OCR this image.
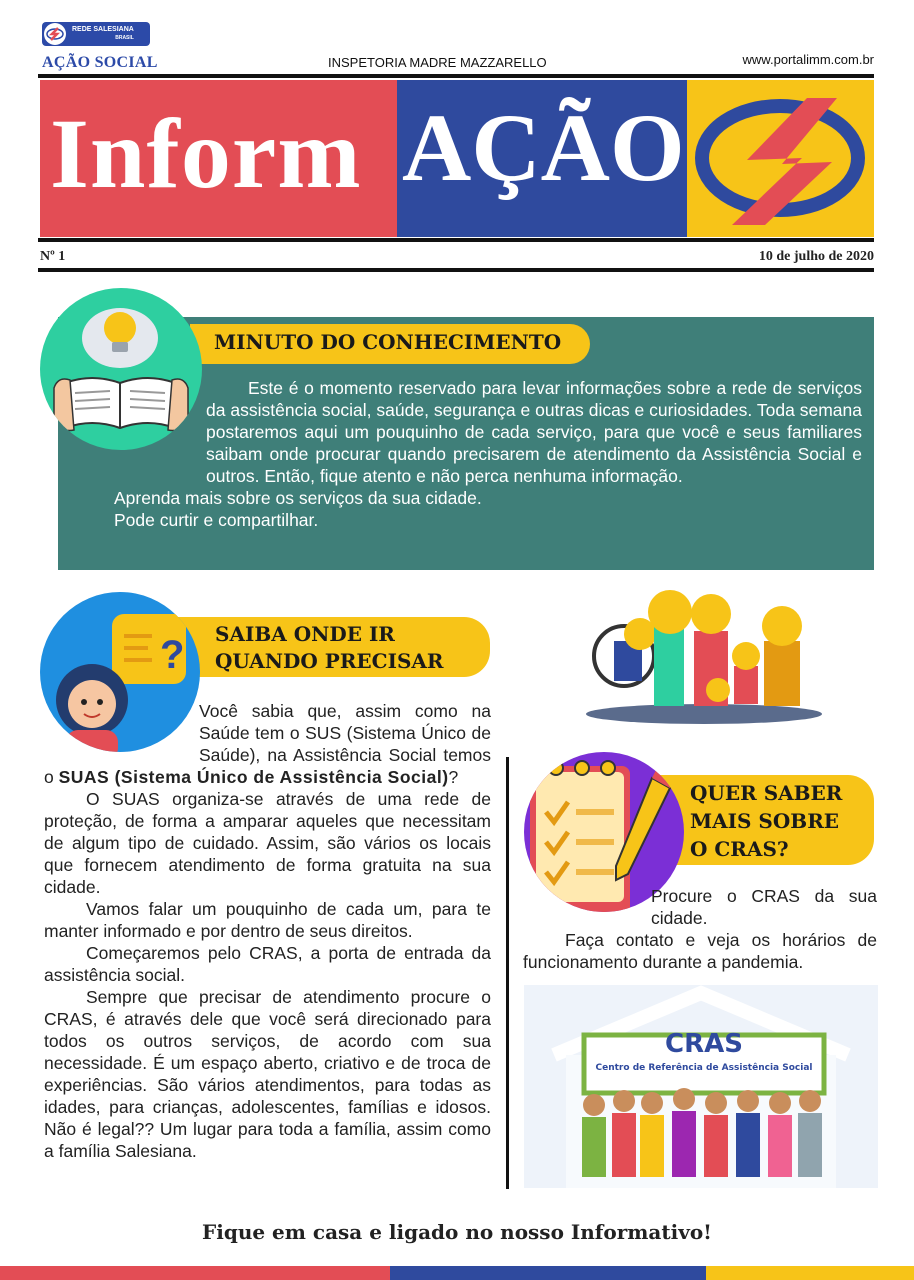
REDE SALESIANA
BRASIL
AÇÃO SOCIAL	INSPETORIA MADRE MAZZARELLO	www.portalimm.com.br
Inform AÇÃO
Nº 1	10 de julho de 2020
MINUTO DO CONHECIMENTO

Este é o momento reservado para levar informações sobre a rede de serviços da assistência social, saúde, segurança e outras dicas e curiosidades. Toda semana postaremos aqui um pouquinho de cada serviço, para que você e seus familiares saibam onde procurar quando precisarem de atendimento da Assistência Social e outros. Então, fique atento e não perca nenhuma informação.

Aprenda mais sobre os serviços da sua cidade.

Pode curtir e compartilhar.

SAIBA ONDE IR
QUANDO PRECISAR
?

Você sabia que, assim como na Saúde tem o SUS (Sistema Único de Saúde), na Assistência Social temos o SUAS (Sistema Único de Assistência Social)?

O SUAS organiza-se através de uma rede de proteção, de forma a amparar aqueles que necessitam de algum tipo de cuidado. Assim, são vários os locais que fornecem atendimento de forma gratuita na sua cidade.

Vamos falar um pouquinho de cada um, para te manter informado e por dentro de seus direitos.

Começaremos pelo CRAS, a porta de entrada da assistência social.

Sempre que precisar de atendimento procure o CRAS, é através dele que você será direcionado para todos os outros serviços, de acordo com sua necessidade. É um espaço aberto, criativo e de troca de experiências. São vários atendimentos, para todas as idades, para crianças, adolescentes, famílias e idosos. Não é legal?? Um lugar para toda a família, assim como a família Salesiana.

QUER SABER
MAIS SOBRE
O CRAS?

Procure o CRAS da sua cidade.

Faça contato e veja os horários de funcionamento durante a pandemia.

CRAS
Centro de Referência de Assistência Social
Fique em casa e ligado no nosso Informativo!
